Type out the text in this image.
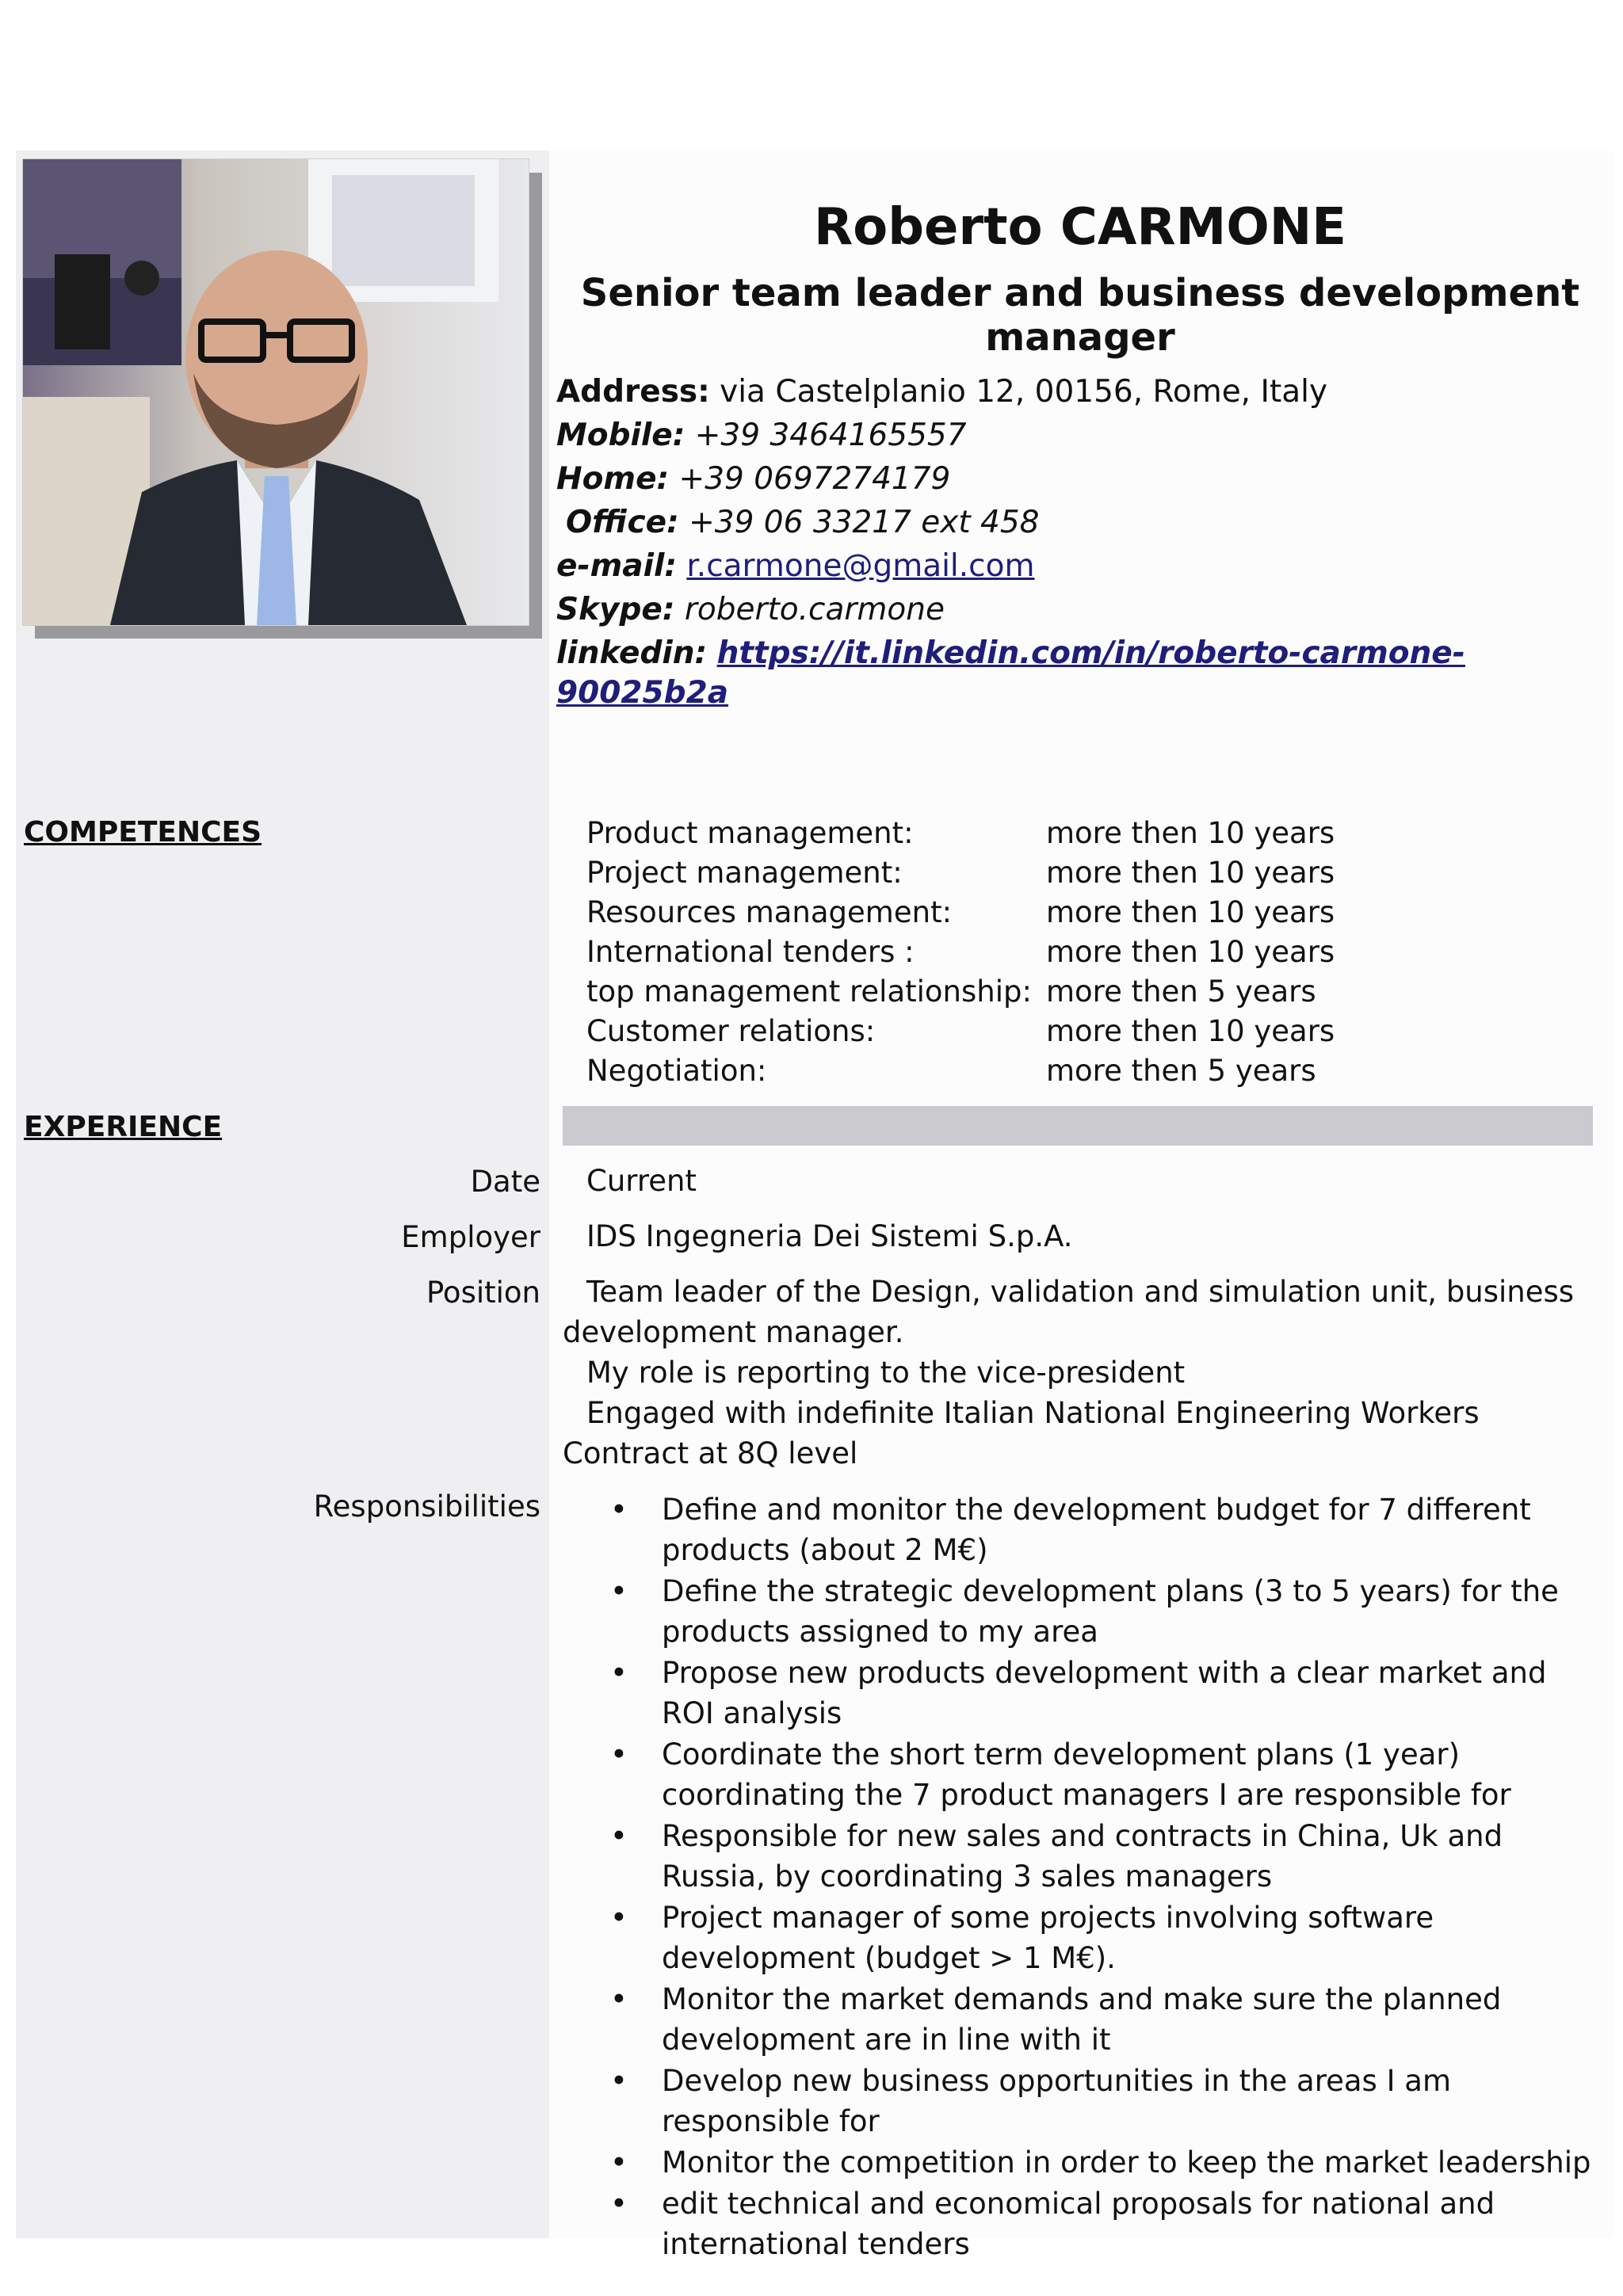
Roberto CARMONE
Senior team leader and business development manager
Address: via Castelplanio 12, 00156, Rome, Italy
Mobile: +39 3464165557
Home: +39 0697274179
Office: +39 06 33217 ext 458
e-mail: r.carmone@gmail.com
Skype: roberto.carmone
linkedin: https://it.linkedin.com/in/roberto-carmone-90025b2a
COMPETENCES	Product management:	more then 10 years
Project management:	more then 10 years
Resources management:	more then 10 years
International tenders :	more then 10 years
top management relationship: more then 5 years
Customer relations:	more then 10 years
Negotiation:	more then 5 years
EXPERIENCE
Date Current
Employer IDS Ingegneria Dei Sistemi S.p.A.
Position	Team leader of the Design, validation and simulation unit, business development manager.
My role is reporting to the vice-president
Engaged with indefinite Italian National Engineering Workers Contract at 8Q level
Responsibilities • Define and monitor the development budget for 7 different products (about 2 M€)
• Define the strategic development plans (3 to 5 years) for the products assigned to my area
• Propose new products development with a clear market and ROI analysis
• Coordinate the short term development plans (1 year) coordinating the 7 product managers I are responsible for
• Responsible for new sales and contracts in China, Uk and Russia, by coordinating 3 sales managers
• Project manager of some projects involving software development (budget > 1 M€).
• Monitor the market demands and make sure the planned development are in line with it
• Develop new business opportunities in the areas I am responsible for
• Monitor the competition in order to keep the market leadership
• edit technical and economical proposals for national and international tenders
